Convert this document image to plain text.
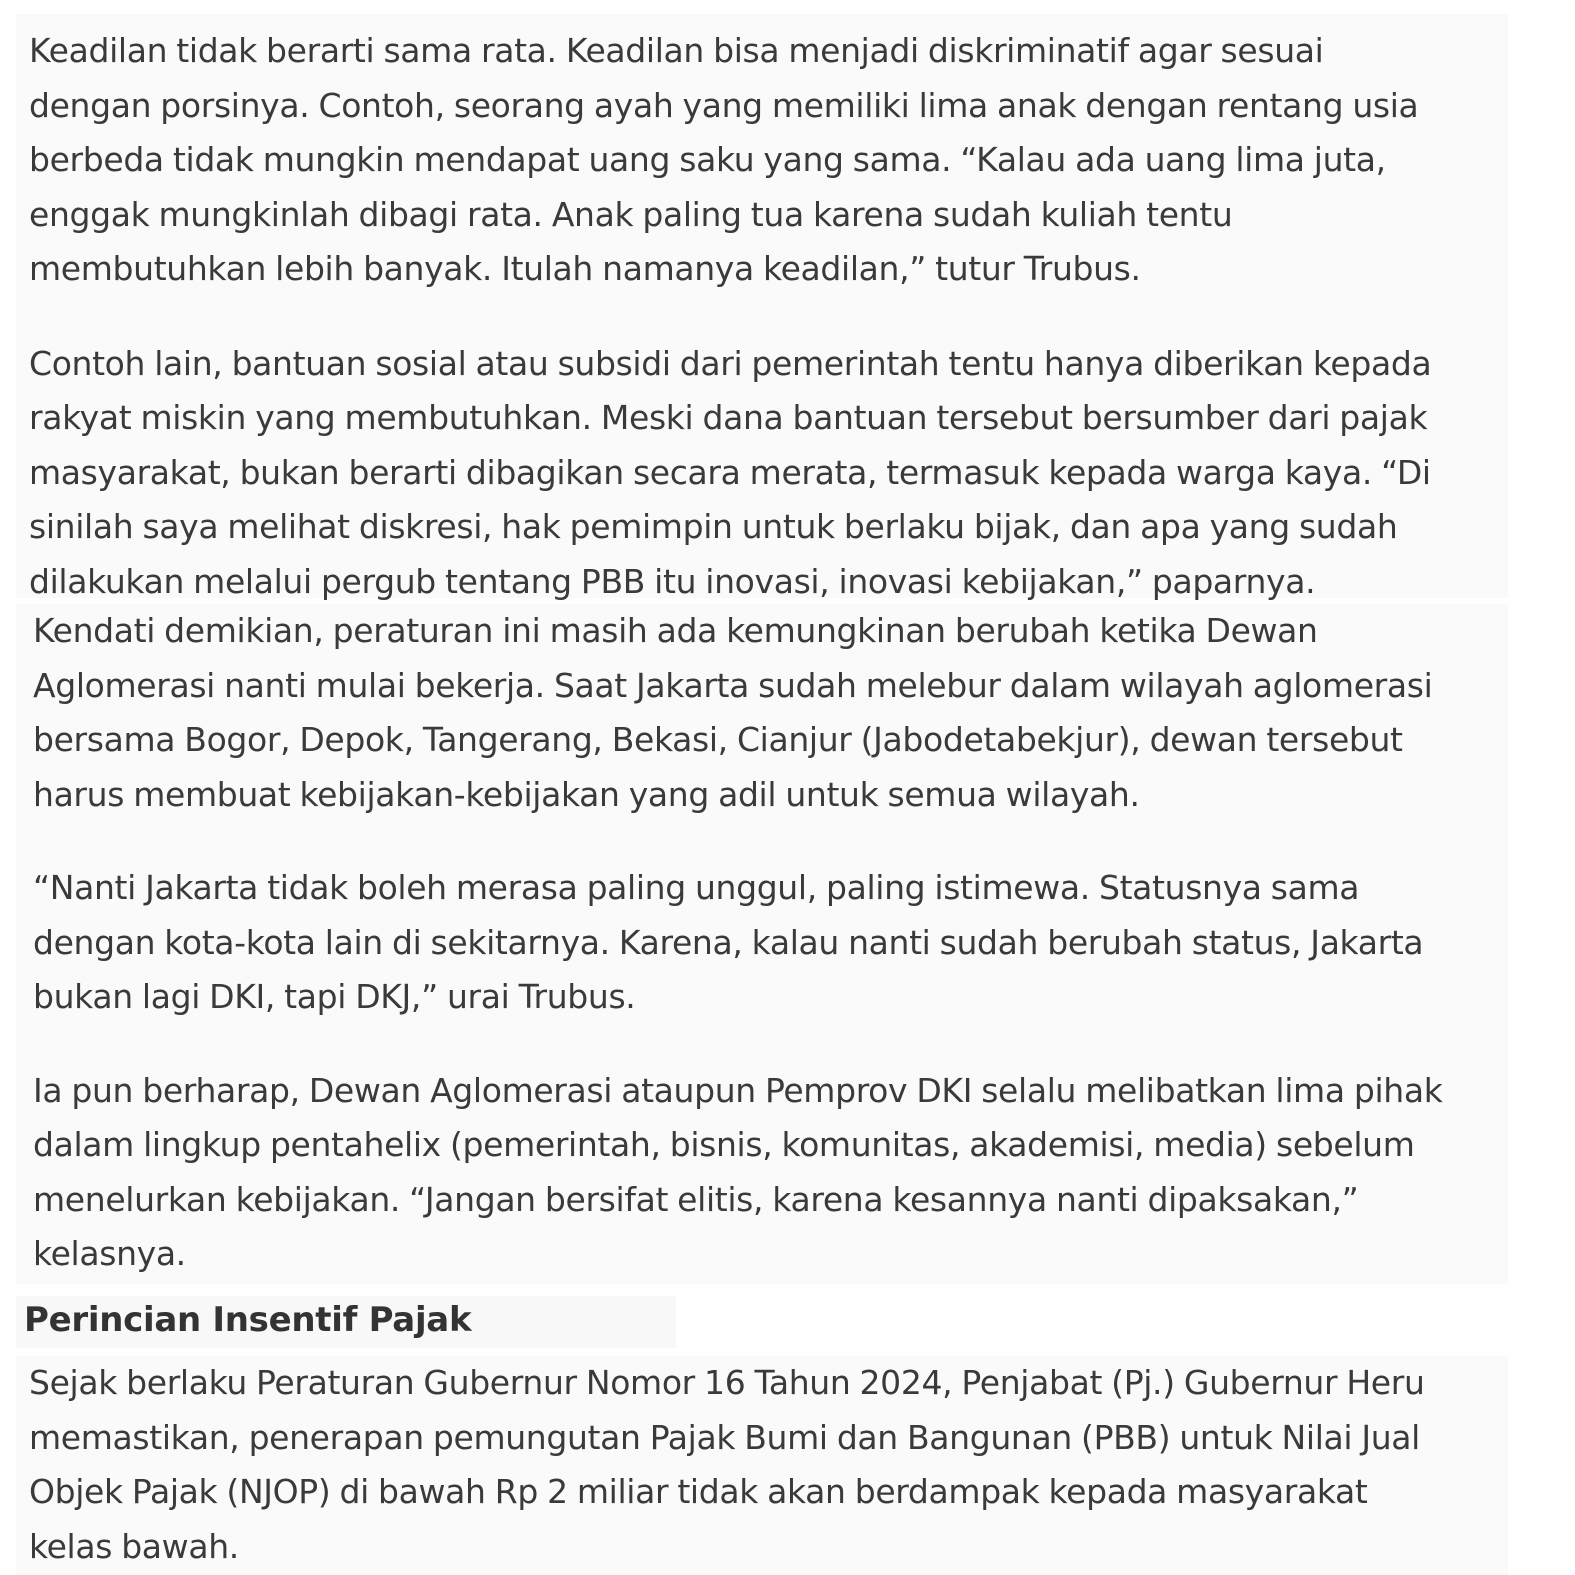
Keadilan tidak berarti sama rata. Keadilan bisa menjadi diskriminatif agar sesuai
dengan porsinya. Contoh, seorang ayah yang memiliki lima anak dengan rentang usia
berbeda tidak mungkin mendapat uang saku yang sama. “Kalau ada uang lima juta,
enggak mungkinlah dibagi rata. Anak paling tua karena sudah kuliah tentu
membutuhkan lebih banyak. Itulah namanya keadilan,” tutur Trubus.

Contoh lain, bantuan sosial atau subsidi dari pemerintah tentu hanya diberikan kepada
rakyat miskin yang membutuhkan. Meski dana bantuan tersebut bersumber dari pajak
masyarakat, bukan berarti dibagikan secara merata, termasuk kepada warga kaya. “Di
sinilah saya melihat diskresi, hak pemimpin untuk berlaku bijak, dan apa yang sudah
dilakukan melalui pergub tentang PBB itu inovasi, inovasi kebijakan,” paparnya.

Kendati demikian, peraturan ini masih ada kemungkinan berubah ketika Dewan
Aglomerasi nanti mulai bekerja. Saat Jakarta sudah melebur dalam wilayah aglomerasi
bersama Bogor, Depok, Tangerang, Bekasi, Cianjur (Jabodetabekjur), dewan tersebut
harus membuat kebijakan-kebijakan yang adil untuk semua wilayah.

“Nanti Jakarta tidak boleh merasa paling unggul, paling istimewa. Statusnya sama
dengan kota-kota lain di sekitarnya. Karena, kalau nanti sudah berubah status, Jakarta
bukan lagi DKI, tapi DKJ,” urai Trubus.

Ia pun berharap, Dewan Aglomerasi ataupun Pemprov DKI selalu melibatkan lima pihak
dalam lingkup pentahelix (pemerintah, bisnis, komunitas, akademisi, media) sebelum
menelurkan kebijakan. “Jangan bersifat elitis, karena kesannya nanti dipaksakan,”
kelasnya.

Perincian Insentif Pajak

Sejak berlaku Peraturan Gubernur Nomor 16 Tahun 2024, Penjabat (Pj.) Gubernur Heru
memastikan, penerapan pemungutan Pajak Bumi dan Bangunan (PBB) untuk Nilai Jual
Objek Pajak (NJOP) di bawah Rp 2 miliar tidak akan berdampak kepada masyarakat
kelas bawah.
